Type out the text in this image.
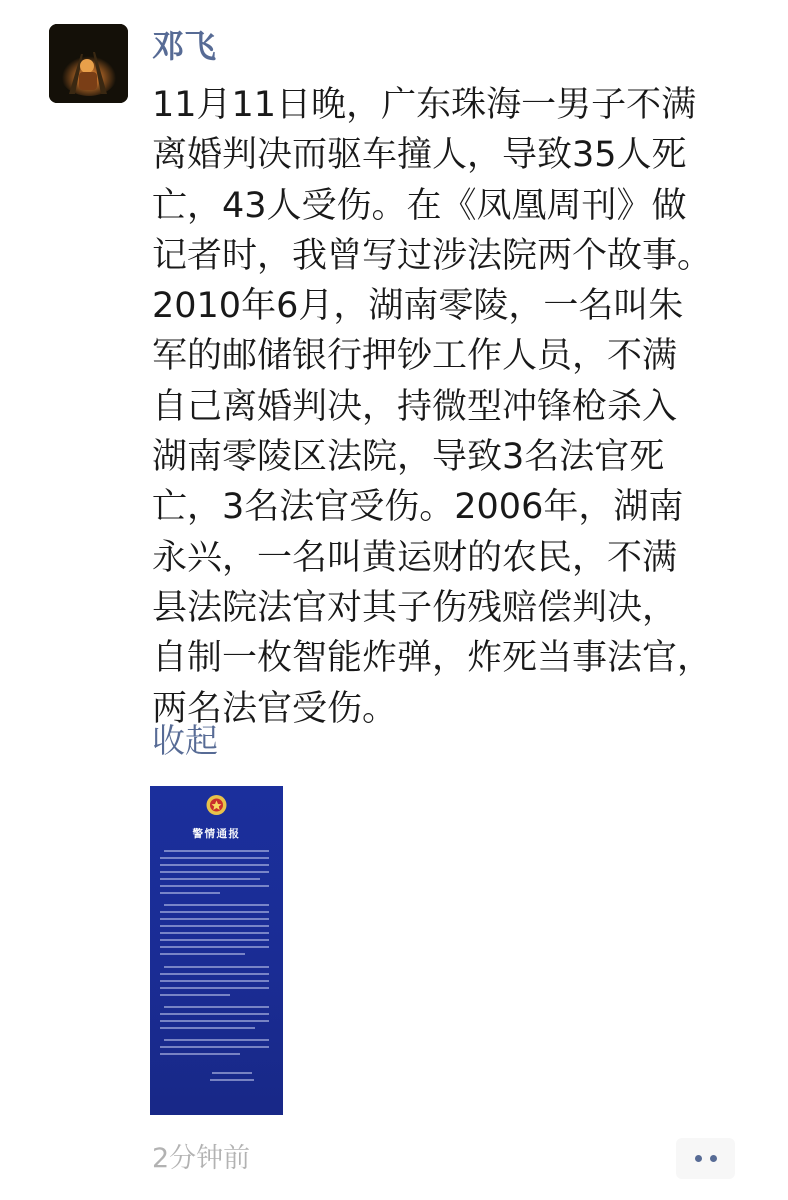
邓飞
11月11日晚，广东珠海一男子不满
离婚判决而驱车撞人，导致35人死
亡，43人受伤。在《凤凰周刊》做
记者时，我曾写过涉法院两个故事。
2010年6月，湖南零陵，一名叫朱
军的邮储银行押钞工作人员，不满
自己离婚判决，持微型冲锋枪杀入
湖南零陵区法院，导致3名法官死
亡，3名法官受伤。2006年，湖南
永兴，一名叫黄运财的农民，不满
县法院法官对其子伤残赔偿判决，
自制一枚智能炸弹，炸死当事法官，
两名法官受伤。
收起
警情通报
2分钟前
